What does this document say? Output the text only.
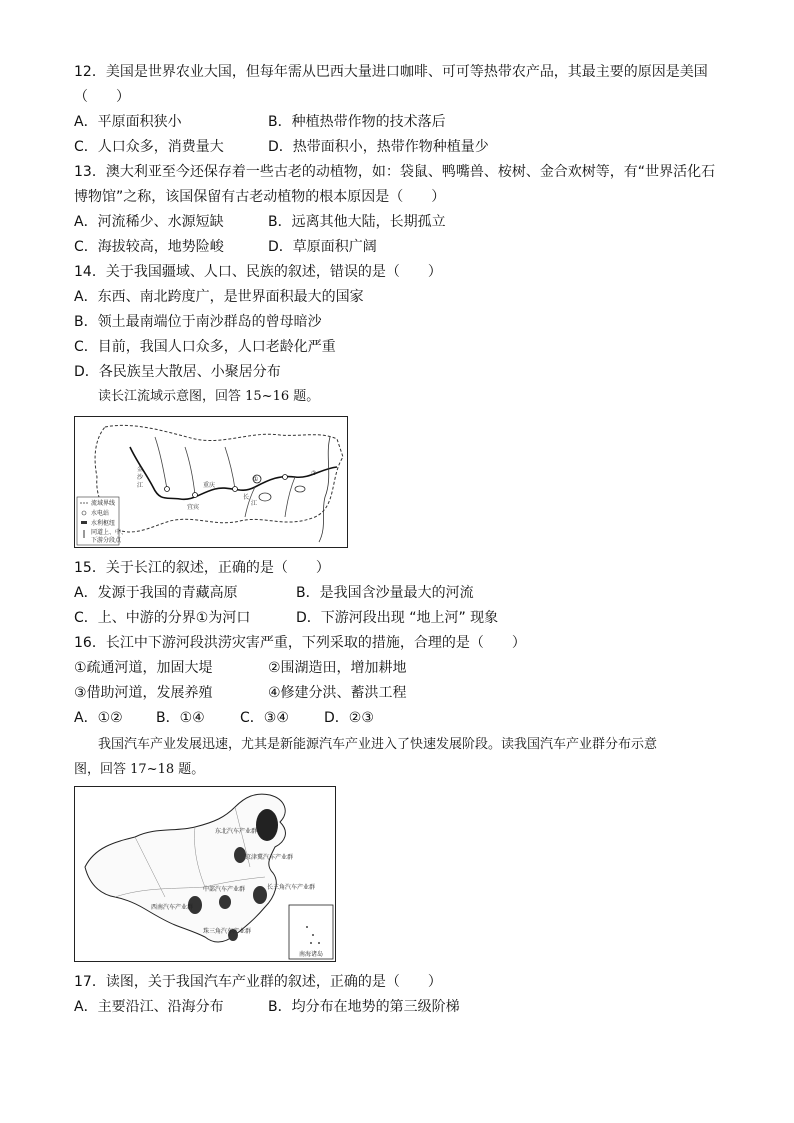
12．美国是世界农业大国，但每年需从巴西大量进口咖啡、可可等热带农产品，其最主要的原因是美国
（　　）
A．平原面积狭小	B．种植热带作物的技术落后
C．人口众多，消费量大	D．热带面积小，热带作物种植量少
13．澳大利亚至今还保存着一些古老的动植物，如：袋鼠、鸭嘴兽、桉树、金合欢树等，有“世界活化石
博物馆”之称，该国保留有古老动植物的根本原因是（　　）
A．河流稀少、水源短缺	B．远离其他大陆，长期孤立
C．海拔较高，地势险峻	D．草原面积广阔
14．关于我国疆域、人口、民族的叙述，错误的是（　　）
A．东西、南北跨度广，是世界面积最大的国家
B．领土最南端位于南沙群岛的曾母暗沙
C．目前，我国人口众多，人口老龄化严重
D．各民族呈大散居、小聚居分布
读长江流域示意图，回答 15~16 题。
①
②
金
沙
江	重庆
宜宾
长
江
流域界线
水电站
水利枢纽
同道上、中、
下游分段点
15．关于长江的叙述，正确的是（　　）
A．发源于我国的青藏高原	B．是我国含沙量最大的河流
C．上、中游的分界①为河口	D．下游河段出现 “地上河” 现象
16．长江中下游河段洪涝灾害严重，下列采取的措施，合理的是（　　）
①疏通河道，加固大堤	②围湖造田，增加耕地
③借助河道，发展养殖	④修建分洪、蓄洪工程
A．①② B．①④	C．③④	D．②③
我国汽车产业发展迅速，尤其是新能源汽车产业进入了快速发展阶段。读我国汽车产业群分布示意
图，回答 17~18 题。
东北汽车产业群
京津冀汽车产业群
长三角汽车产业群
中部汽车产业群
西南汽车产业群
珠三角汽车产业群
南海诸岛
17．读图，关于我国汽车产业群的叙述，正确的是（　　）
A．主要沿江、沿海分布	B．均分布在地势的第三级阶梯
